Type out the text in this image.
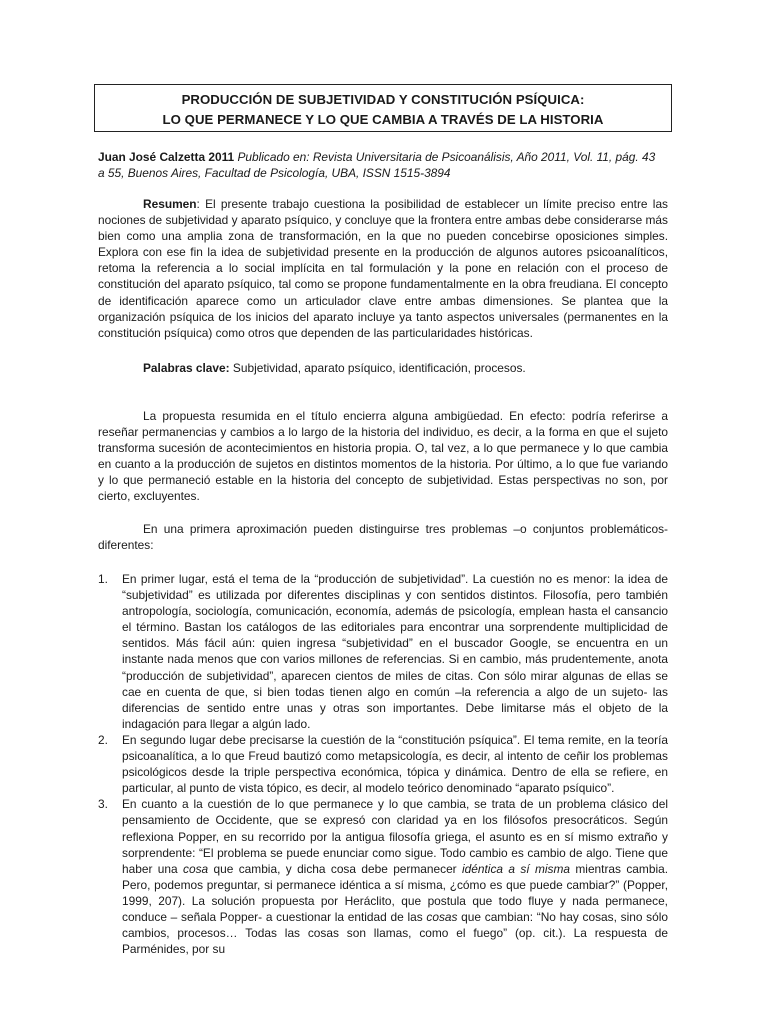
PRODUCCIÓN DE SUBJETIVIDAD Y CONSTITUCIÓN PSÍQUICA:
LO QUE PERMANECE Y LO QUE CAMBIA A TRAVÉS DE LA HISTORIA
Juan José Calzetta 2011 Publicado en: Revista Universitaria de Psicoanálisis, Año 2011, Vol. 11, pág. 43
a 55, Buenos Aires, Facultad de Psicología, UBA, ISSN 1515-3894
Resumen: El presente trabajo cuestiona la posibilidad de establecer un límite preciso entre las nociones de subjetividad y aparato psíquico, y concluye que la frontera entre ambas debe considerarse más bien como una amplia zona de transformación, en la que no pueden concebirse oposiciones simples. Explora con ese fin la idea de subjetividad presente en la producción de algunos autores psicoanalíticos, retoma la referencia a lo social implícita en tal formulación y la pone en relación con el proceso de constitución del aparato psíquico, tal como se propone fundamentalmente en la obra freudiana. El concepto de identificación aparece como un articulador clave entre ambas dimensiones. Se plantea que la organización psíquica de los inicios del aparato incluye ya tanto aspectos universales (permanentes en la constitución psíquica) como otros que dependen de las particularidades históricas.
Palabras clave: Subjetividad, aparato psíquico, identificación, procesos.

La propuesta resumida en el título encierra alguna ambigüedad. En efecto: podría referirse a reseñar permanencias y cambios a lo largo de la historia del individuo, es decir, a la forma en que el sujeto transforma sucesión de acontecimientos en historia propia. O, tal vez, a lo que permanece y lo que cambia en cuanto a la producción de sujetos en distintos momentos de la historia. Por último, a lo que fue variando y lo que permaneció estable en la historia del concepto de subjetividad. Estas perspectivas no son, por cierto, excluyentes.

En una primera aproximación pueden distinguirse tres problemas –o conjuntos problemáticos- diferentes:

1. En primer lugar, está el tema de la “producción de subjetividad”. La cuestión no es menor: la idea de “subjetividad” es utilizada por diferentes disciplinas y con sentidos distintos. Filosofía, pero también antropología, sociología, comunicación, economía, además de psicología, emplean hasta el cansancio el término. Bastan los catálogos de las editoriales para encontrar una sorprendente multiplicidad de sentidos. Más fácil aún: quien ingresa “subjetividad” en el buscador Google, se encuentra en un instante nada menos que con varios millones de referencias. Si en cambio, más prudentemente, anota “producción de subjetividad”, aparecen cientos de miles de citas. Con sólo mirar algunas de ellas se cae en cuenta de que, si bien todas tienen algo en común –la referencia a algo de un sujeto- las diferencias de sentido entre unas y otras son importantes. Debe limitarse más el objeto de la indagación para llegar a algún lado.
2. En segundo lugar debe precisarse la cuestión de la “constitución psíquica”. El tema remite, en la teoría psicoanalítica, a lo que Freud bautizó como metapsicología, es decir, al intento de ceñir los problemas psicológicos desde la triple perspectiva económica, tópica y dinámica. Dentro de ella se refiere, en particular, al punto de vista tópico, es decir, al modelo teórico denominado “aparato psíquico”.
3. En cuanto a la cuestión de lo que permanece y lo que cambia, se trata de un problema clásico del pensamiento de Occidente, que se expresó con claridad ya en los filósofos presocráticos. Según reflexiona Popper, en su recorrido por la antigua filosofía griega, el asunto es en sí mismo extraño y sorprendente: “El problema se puede enunciar como sigue. Todo cambio es cambio de algo. Tiene que haber una cosa que cambia, y dicha cosa debe permanecer idéntica a sí misma mientras cambia. Pero, podemos preguntar, si permanece idéntica a sí misma, ¿cómo es que puede cambiar?” (Popper, 1999, 207). La solución propuesta por Heráclito, que postula que todo fluye y nada permanece, conduce – señala Popper- a cuestionar la entidad de las cosas que cambian: “No hay cosas, sino sólo cambios, procesos… Todas las cosas son llamas, como el fuego” (op. cit.). La respuesta de Parménides, por su
